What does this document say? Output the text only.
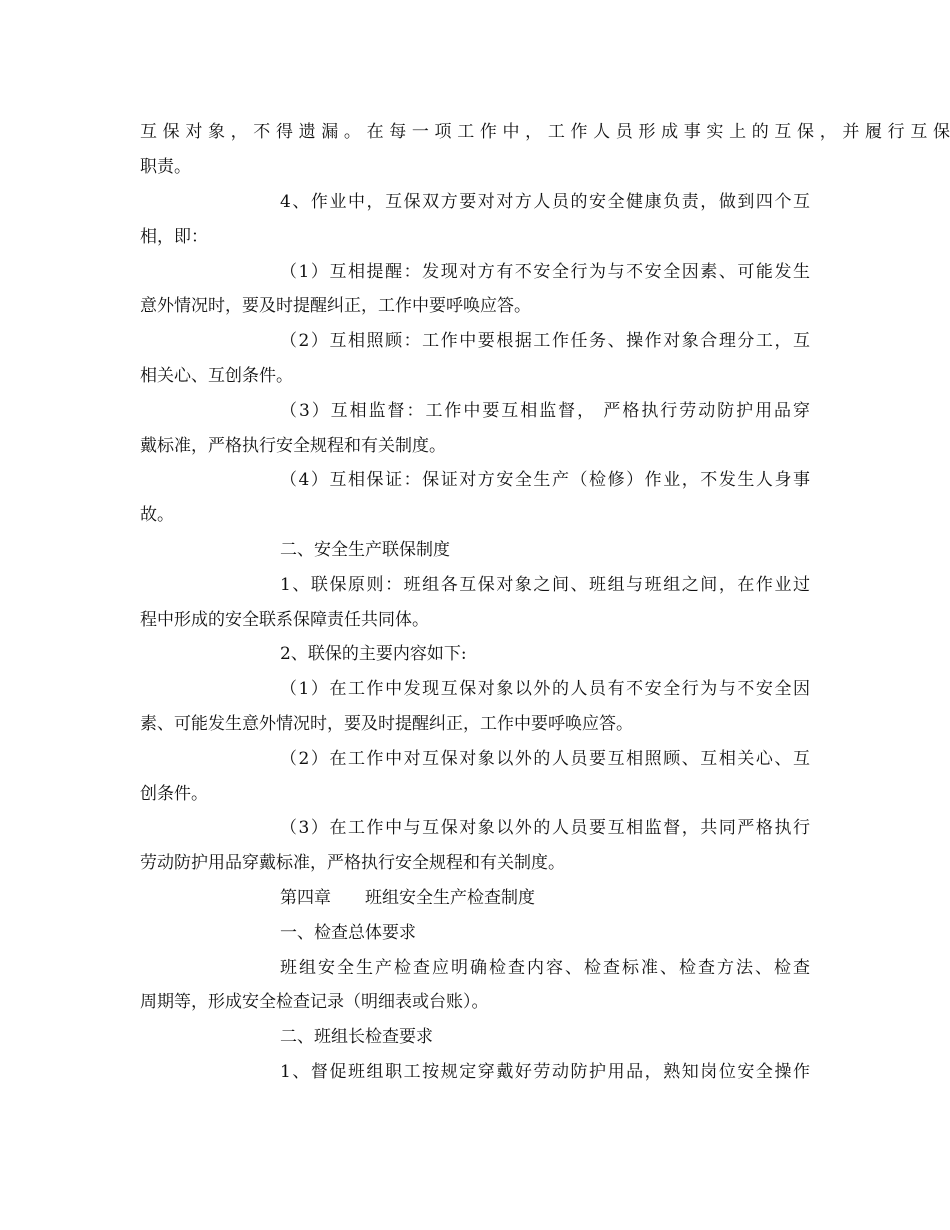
互保对象，不得遗漏。在每一项工作中，工作人员形成事实上的互保，并履行互保
职责。
4、作业中，互保双方要对对方人员的安全健康负责，做到四个互
相，即：
（1）互相提醒：发现对方有不安全行为与不安全因素、可能发生
意外情况时，要及时提醒纠正，工作中要呼唤应答。
（2）互相照顾：工作中要根据工作任务、操作对象合理分工，互
相关心、互创条件。
（3）互相监督：工作中要互相监督， 严格执行劳动防护用品穿
戴标准，严格执行安全规程和有关制度。
（4）互相保证：保证对方安全生产（检修）作业，不发生人身事
故。
二、安全生产联保制度
1、联保原则：班组各互保对象之间、班组与班组之间，在作业过
程中形成的安全联系保障责任共同体。
2、联保的主要内容如下:
（1）在工作中发现互保对象以外的人员有不安全行为与不安全因
素、可能发生意外情况时，要及时提醒纠正，工作中要呼唤应答。
（2）在工作中对互保对象以外的人员要互相照顾、互相关心、互
创条件。
（3）在工作中与互保对象以外的人员要互相监督，共同严格执行
劳动防护用品穿戴标准，严格执行安全规程和有关制度。
第四章　　班组安全生产检查制度
一、检查总体要求
班组安全生产检查应明确检查内容、检查标准、检查方法、检查
周期等，形成安全检查记录（明细表或台账）。
二、班组长检查要求
1、督促班组职工按规定穿戴好劳动防护用品，熟知岗位安全操作
